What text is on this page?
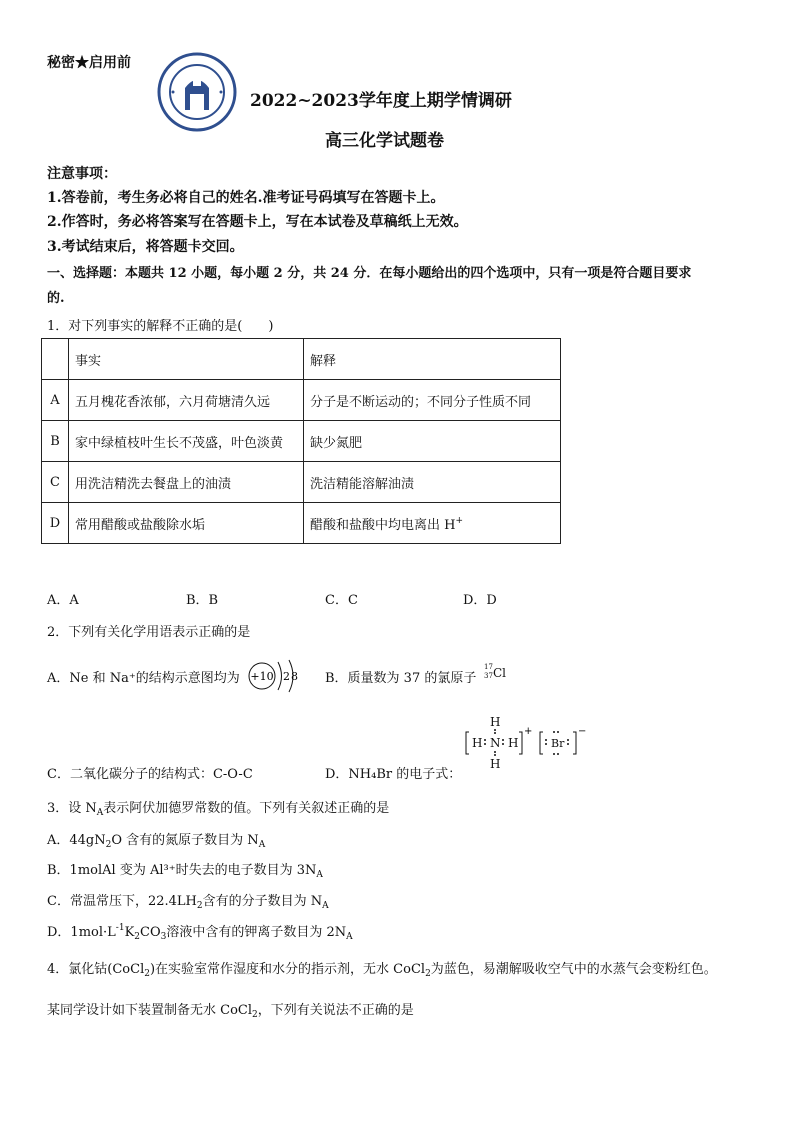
秘密★启用前
2022~2023学年度上期学情调研
高三化学试题卷
注意事项：
1.答卷前，考生务必将自己的姓名.准考证号码填写在答题卡上。
2.作答时，务必将答案写在答题卡上，写在本试卷及草稿纸上无效。
3.考试结束后，将答题卡交回。
一、选择题：本题共 12 小题，每小题 2 分，共 24 分．在每小题给出的四个选项中，只有一项是符合题目要求
的.
1．对下列事实的解释不正确的是(　　)
	事实	解释
A	五月槐花香浓郁，六月荷塘清久远	分子是不断运动的；不同分子性质不同
B	家中绿植枝叶生长不茂盛，叶色淡黄	缺少氮肥
C	用洗洁精洗去餐盘上的油渍	洗洁精能溶解油渍
D	常用醋酸或盐酸除水垢	醋酸和盐酸中均电离出 H+
A．A	B．B	C．C	D．D
2．下列有关化学用语表示正确的是
A．Ne 和 Na⁺的结构示意图均为 +10 2 8 B．质量数为 37 的氯原子
17
37 Cl
C．二氧化碳分子的结构式：C-O-C	D．NH₄Br 的电子式：
H
H N H
H
Br
+	−
3．设 $N_A$表示阿伏加德罗常数的值。下列有关叙述正确的是
A．$44gN_2O$ 含有的氮原子数目为 $N_A$
B．1molAl 变为 Al³⁺时失去的电子数目为 $3N_A$
C．常温常压下，$22.4LH_2$含有的分子数目为 $N_A$
D．$1mol\cdot L^{-1}K_2CO_3$溶液中含有的钾离子数目为 $2N_A$
4．氯化钴(CoCl$_2$)在实验室常作湿度和水分的指示剂，无水 CoCl$_2$为蓝色，易潮解吸收空气中的水蒸气会变粉红色。
某同学设计如下装置制备无水 CoCl$_2$，下列有关说法不正确的是
